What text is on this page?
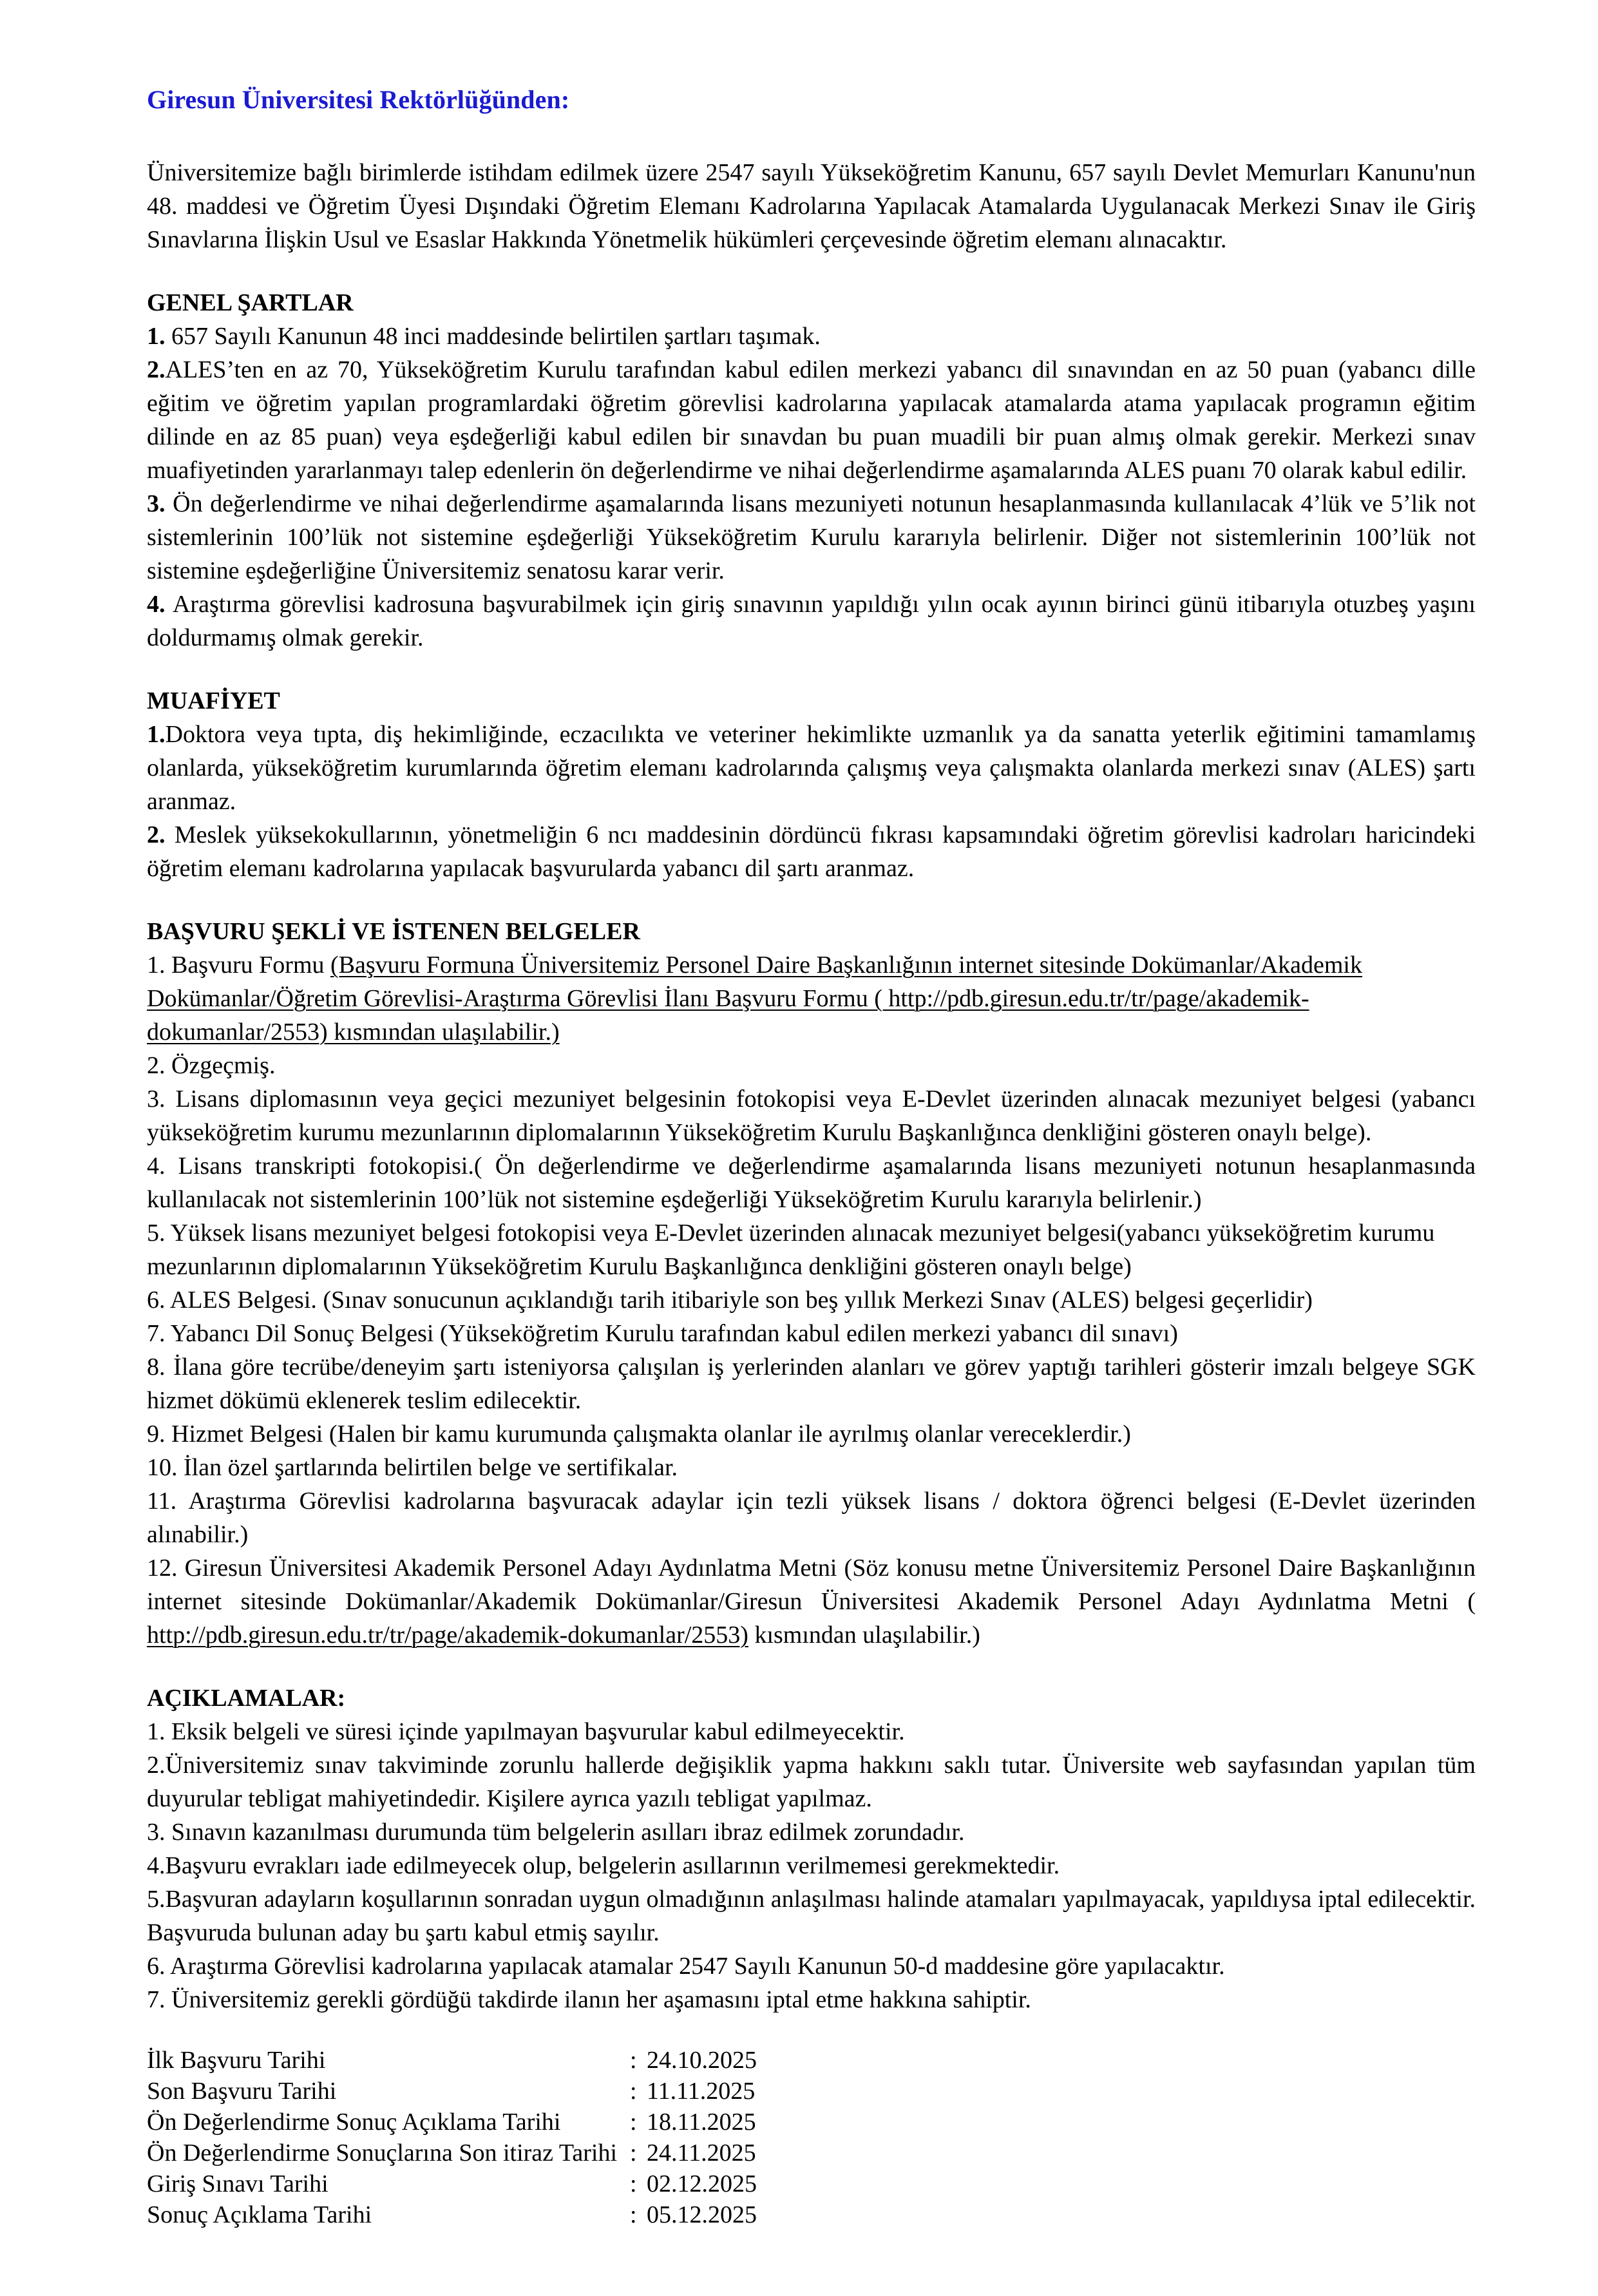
Giresun Üniversitesi Rektörlüğünden:

Üniversitemize bağlı birimlerde istihdam edilmek üzere 2547 sayılı Yükseköğretim Kanunu, 657 sayılı Devlet Memurları Kanunu'nun 48. maddesi ve Öğretim Üyesi Dışındaki Öğretim Elemanı Kadrolarına Yapılacak Atamalarda Uygulanacak Merkezi Sınav ile Giriş Sınavlarına İlişkin Usul ve Esaslar Hakkında Yönetmelik hükümleri çerçevesinde öğretim elemanı alınacaktır.

GENEL ŞARTLAR

1. 657 Sayılı Kanunun 48 inci maddesinde belirtilen şartları taşımak.

2.ALES’ten en az 70, Yükseköğretim Kurulu tarafından kabul edilen merkezi yabancı dil sınavından en az 50 puan (yabancı dille eğitim ve öğretim yapılan programlardaki öğretim görevlisi kadrolarına yapılacak atamalarda atama yapılacak programın eğitim dilinde en az 85 puan) veya eşdeğerliği kabul edilen bir sınavdan bu puan muadili bir puan almış olmak gerekir. Merkezi sınav muafiyetinden yararlanmayı talep edenlerin ön değerlendirme ve nihai değerlendirme aşamalarında ALES puanı 70 olarak kabul edilir.

3. Ön değerlendirme ve nihai değerlendirme aşamalarında lisans mezuniyeti notunun hesaplanmasında kullanılacak 4’lük ve 5’lik not sistemlerinin 100’lük not sistemine eşdeğerliği Yükseköğretim Kurulu kararıyla belirlenir. Diğer not sistemlerinin 100’lük not sistemine eşdeğerliğine Üniversitemiz senatosu karar verir.

4. Araştırma görevlisi kadrosuna başvurabilmek için giriş sınavının yapıldığı yılın ocak ayının birinci günü itibarıyla otuzbeş yaşını doldurmamış olmak gerekir.

MUAFİYET

1.Doktora veya tıpta, diş hekimliğinde, eczacılıkta ve veteriner hekimlikte uzmanlık ya da sanatta yeterlik eğitimini tamamlamış olanlarda, yükseköğretim kurumlarında öğretim elemanı kadrolarında çalışmış veya çalışmakta olanlarda merkezi sınav (ALES) şartı aranmaz.

2. Meslek yüksekokullarının, yönetmeliğin 6 ncı maddesinin dördüncü fıkrası kapsamındaki öğretim görevlisi kadroları haricindeki öğretim elemanı kadrolarına yapılacak başvurularda yabancı dil şartı aranmaz.

BAŞVURU ŞEKLİ VE İSTENEN BELGELER

1. Başvuru Formu (Başvuru Formuna Üniversitemiz Personel Daire Başkanlığının internet sitesinde Dokümanlar/Akademik Dokümanlar/Öğretim Görevlisi-Araştırma Görevlisi İlanı Başvuru Formu ( http://pdb.giresun.edu.tr/tr/page/akademik-dokumanlar/2553) kısmından ulaşılabilir.)

2. Özgeçmiş.

3. Lisans diplomasının veya geçici mezuniyet belgesinin fotokopisi veya E-Devlet üzerinden alınacak mezuniyet belgesi (yabancı yükseköğretim kurumu mezunlarının diplomalarının Yükseköğretim Kurulu Başkanlığınca denkliğini gösteren onaylı belge).

4. Lisans transkripti fotokopisi.( Ön değerlendirme ve değerlendirme aşamalarında lisans mezuniyeti notunun hesaplanmasında kullanılacak not sistemlerinin 100’lük not sistemine eşdeğerliği Yükseköğretim Kurulu kararıyla belirlenir.)

5. Yüksek lisans mezuniyet belgesi fotokopisi veya E-Devlet üzerinden alınacak mezuniyet belgesi(yabancı yükseköğretim kurumu mezunlarının diplomalarının Yükseköğretim Kurulu Başkanlığınca denkliğini gösteren onaylı belge)

6. ALES Belgesi. (Sınav sonucunun açıklandığı tarih itibariyle son beş yıllık Merkezi Sınav (ALES) belgesi geçerlidir)

7. Yabancı Dil Sonuç Belgesi (Yükseköğretim Kurulu tarafından kabul edilen merkezi yabancı dil sınavı)

8. İlana göre tecrübe/deneyim şartı isteniyorsa çalışılan iş yerlerinden alanları ve görev yaptığı tarihleri gösterir imzalı belgeye SGK hizmet dökümü eklenerek teslim edilecektir.

9. Hizmet Belgesi (Halen bir kamu kurumunda çalışmakta olanlar ile ayrılmış olanlar vereceklerdir.)

10. İlan özel şartlarında belirtilen belge ve sertifikalar.

11. Araştırma Görevlisi kadrolarına başvuracak adaylar için tezli yüksek lisans / doktora öğrenci belgesi (E-Devlet üzerinden alınabilir.)

12. Giresun Üniversitesi Akademik Personel Adayı Aydınlatma Metni (Söz konusu metne Üniversitemiz Personel Daire Başkanlığının internet sitesinde Dokümanlar/Akademik Dokümanlar/Giresun Üniversitesi Akademik Personel Adayı Aydınlatma Metni ( http://pdb.giresun.edu.tr/tr/page/akademik-dokumanlar/2553) kısmından ulaşılabilir.)

AÇIKLAMALAR:

1. Eksik belgeli ve süresi içinde yapılmayan başvurular kabul edilmeyecektir.

2.Üniversitemiz sınav takviminde zorunlu hallerde değişiklik yapma hakkını saklı tutar. Üniversite web sayfasından yapılan tüm duyurular tebligat mahiyetindedir. Kişilere ayrıca yazılı tebligat yapılmaz.

3. Sınavın kazanılması durumunda tüm belgelerin asılları ibraz edilmek zorundadır.

4.Başvuru evrakları iade edilmeyecek olup, belgelerin asıllarının verilmemesi gerekmektedir.

5.Başvuran adayların koşullarının sonradan uygun olmadığının anlaşılması halinde atamaları yapılmayacak, yapıldıysa iptal edilecektir. Başvuruda bulunan aday bu şartı kabul etmiş sayılır.

6. Araştırma Görevlisi kadrolarına yapılacak atamalar 2547 Sayılı Kanunun 50-d maddesine göre yapılacaktır.

7. Üniversitemiz gerekli gördüğü takdirde ilanın her aşamasını iptal etme hakkına sahiptir.

İlk Başvuru Tarihi	:	24.10.2025
Son Başvuru Tarihi	:	11.11.2025
Ön Değerlendirme Sonuç Açıklama Tarihi	:	18.11.2025
Ön Değerlendirme Sonuçlarına Son itiraz Tarihi	:	24.11.2025
Giriş Sınavı Tarihi	:	02.12.2025
Sonuç Açıklama Tarihi	:	05.12.2025
